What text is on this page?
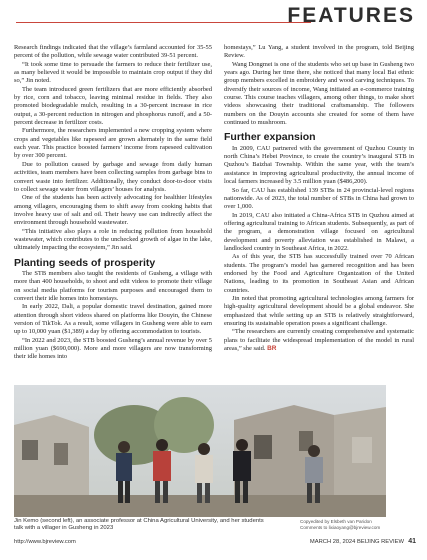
FEATURES

Research findings indicated that the village’s farmland accounted for 35-55 percent of the pollution, while sewage water contributed 39-51 percent.

“It took some time to persuade the farmers to reduce their fertilizer use, as many believed it would be impossible to maintain crop output if they did so,” Jin noted.

The team introduced green fertilizers that are more efficiently absorbed by rice, corn and tobacco, leaving minimal residue in fields. They also promoted biodegradable mulch, resulting in a 30-percent increase in rice output, a 30-percent reduction in nitrogen and phosphorus runoff, and a 50-percent decrease in fertilizer costs.

Furthermore, the researchers implemented a new cropping system where crops and vegetables like rapeseed are grown alternately in the same field each year. This practice boosted farmers’ income from rapeseed cultivation by over 300 percent.

Due to pollution caused by garbage and sewage from daily human activities, team members have been collecting samples from garbage bins to convert waste into fertilizer. Additionally, they conduct door-to-door visits to collect sewage water from villagers’ houses for analysis.

One of the students has been actively advocating for healthier lifestyles among villagers, encouraging them to shift away from cooking habits that involve heavy use of salt and oil. Their heavy use can indirectly affect the environment through household wastewater.

“This initiative also plays a role in reducing pollution from household wastewater, which contributes to the unchecked growth of algae in the lake, ultimately impacting the ecosystem,” Jin said.

Planting seeds of prosperity

The STB members also taught the residents of Gusheng, a village with more than 400 households, to shoot and edit videos to promote their village on social media platforms for tourism purposes and encouraged them to convert their idle homes into homestays.

In early 2022, Dali, a popular domestic travel destination, gained more attention through short videos shared on platforms like Douyin, the Chinese version of TikTok. As a result, some villagers in Gusheng were able to earn up to 10,000 yuan ($1,389) a day by offering accommodation to tourists.

“In 2022 and 2023, the STB boosted Gusheng’s annual revenue by over 5 million yuan ($690,000). More and more villagers are now transforming their idle homes into

homestays,” Lu Yang, a student involved in the program, told Beijing Review.

Wang Dongmei is one of the students who set up base in Gusheng two years ago. During her time there, she noticed that many local Bai ethnic group members excelled in embroidery and wood carving techniques. To diversify their sources of income, Wang initiated an e-commerce training course. This course teaches villagers, among other things, to make short videos showcasing their traditional craftsmanship. The followers numbers on the Douyin accounts she created for some of them have continued to mushroom.

Further expansion

In 2009, CAU partnered with the government of Quzhou County in north China’s Hebei Province, to create the country’s inaugural STB in Quzhou’s Baizhai Township. Within the same year, with the team’s assistance in improving agricultural productivity, the annual income of local farmers increased by 3.5 million yuan ($486,200).

So far, CAU has established 139 STBs in 24 provincial-level regions nationwide. As of 2023, the total number of STBs in China had grown to over 1,000.

In 2019, CAU also initiated a China-Africa STB in Quzhou aimed at offering agricultural training to African students. Subsequently, as part of the program, a demonstration village focused on agricultural development and poverty alleviation was established in Malawi, a landlocked country in Southeast Africa, in 2022.

As of this year, the STB has successfully trained over 70 African students. The program’s model has garnered recognition and has been endorsed by the Food and Agriculture Organization of the United Nations, leading to its promotion in Southeast Asian and African countries.

Jin noted that promoting agricultural technologies among farmers for high-quality agricultural development should be a global endeavor. She emphasized that while setting up an STB is relatively straightforward, ensuring its sustainable operation poses a significant challenge.

“The researchers are currently creating comprehensive and systematic plans to facilitate the widespread implementation of the model in rural areas,” she said. BR

Jin Kemo (second left), an associate professor at China Agricultural University, and her students talk with a villager in Gusheng in 2023
Copyedited by Elsbeth van Paridon
Comments to lixiaoyang@bjreview.com
http://www.bjreview.com	MARCH 28, 2024 BEIJING REVIEW 41
